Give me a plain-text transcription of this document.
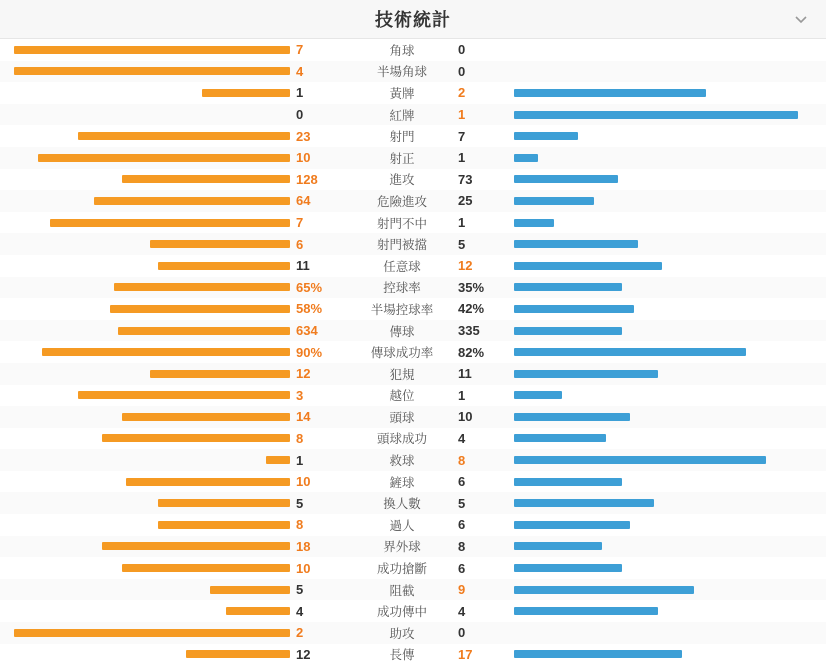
技術統計
7	角球	0
4	半場角球	0
1	黃牌	2
0	紅牌	1
23	射門	7
10	射正	1
128	進攻	73
64	危險進攻	25
7	射門不中	1
6	射門被擋	5
11	任意球	12
65%	控球率	35%
58%	半場控球率	42%
634	傳球	335
90%	傳球成功率	82%
12	犯規	11
3	越位	1
14	頭球	10
8	頭球成功	4
1	救球	8
10	鏟球	6
5	換人數	5
8	過人	6
18	界外球	8
10	成功搶斷	6
5	阻截	9
4	成功傳中	4
2	助攻	0
12	長傳	17
